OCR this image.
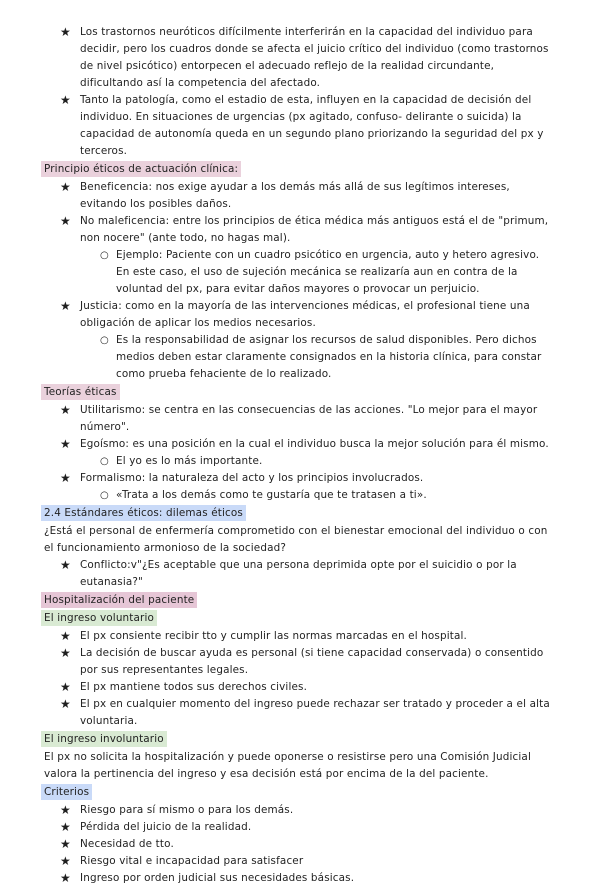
★ Los trastornos neuróticos difícilmente interferirán en la capacidad del individuo para decidir, pero los cuadros donde se afecta el juicio crítico del individuo (como trastornos de nivel psicótico) entorpecen el adecuado reflejo de la realidad circundante, dificultando así la competencia del afectado.
★ Tanto la patología, como el estadio de esta, influyen en la capacidad de decisión del individuo. En situaciones de urgencias (px agitado, confuso- delirante o suicida) la capacidad de autonomía queda en un segundo plano priorizando la seguridad del px y terceros.
Principio éticos de actuación clínica:
★ Beneficencia: nos exige ayudar a los demás más allá de sus legítimos intereses, evitando los posibles daños.
★ No maleficencia: entre los principios de ética médica más antiguos está el de "primum, non nocere" (ante todo, no hagas mal).
○ Ejemplo: Paciente con un cuadro psicótico en urgencia, auto y hetero agresivo. En este caso, el uso de sujeción mecánica se realizaría aun en contra de la voluntad del px, para evitar daños mayores o provocar un perjuicio.
★ Justicia: como en la mayoría de las intervenciones médicas, el profesional tiene una obligación de aplicar los medios necesarios.
○ Es la responsabilidad de asignar los recursos de salud disponibles. Pero dichos medios deben estar claramente consignados en la historia clínica, para constar como prueba fehaciente de lo realizado.
Teorías éticas
★ Utilitarismo: se centra en las consecuencias de las acciones. "Lo mejor para el mayor número".
★ Egoísmo: es una posición en la cual el individuo busca la mejor solución para él mismo.
○ El yo es lo más importante.
★ Formalismo: la naturaleza del acto y los principios involucrados.
○ «Trata a los demás como te gustaría que te tratasen a ti».
2.4 Estándares éticos: dilemas éticos
¿Está el personal de enfermería comprometido con el bienestar emocional del individuo o con el funcionamiento armonioso de la sociedad?
★ Conflicto:v"¿Es aceptable que una persona deprimida opte por el suicidio o por la eutanasia?"
Hospitalización del paciente
El ingreso voluntario
★ El px consiente recibir tto y cumplir las normas marcadas en el hospital.
★ La decisión de buscar ayuda es personal (si tiene capacidad conservada) o consentido por sus representantes legales.
★ El px mantiene todos sus derechos civiles.
★ El px en cualquier momento del ingreso puede rechazar ser tratado y proceder a el alta voluntaria.
El ingreso involuntario
El px no solicita la hospitalización y puede oponerse o resistirse pero una Comisión Judicial valora la pertinencia del ingreso y esa decisión está por encima de la del paciente.
Criterios
★ Riesgo para sí mismo o para los demás.
★ Pérdida del juicio de la realidad.
★ Necesidad de tto.
★ Riesgo vital e incapacidad para satisfacer
★ Ingreso por orden judicial sus necesidades básicas.
